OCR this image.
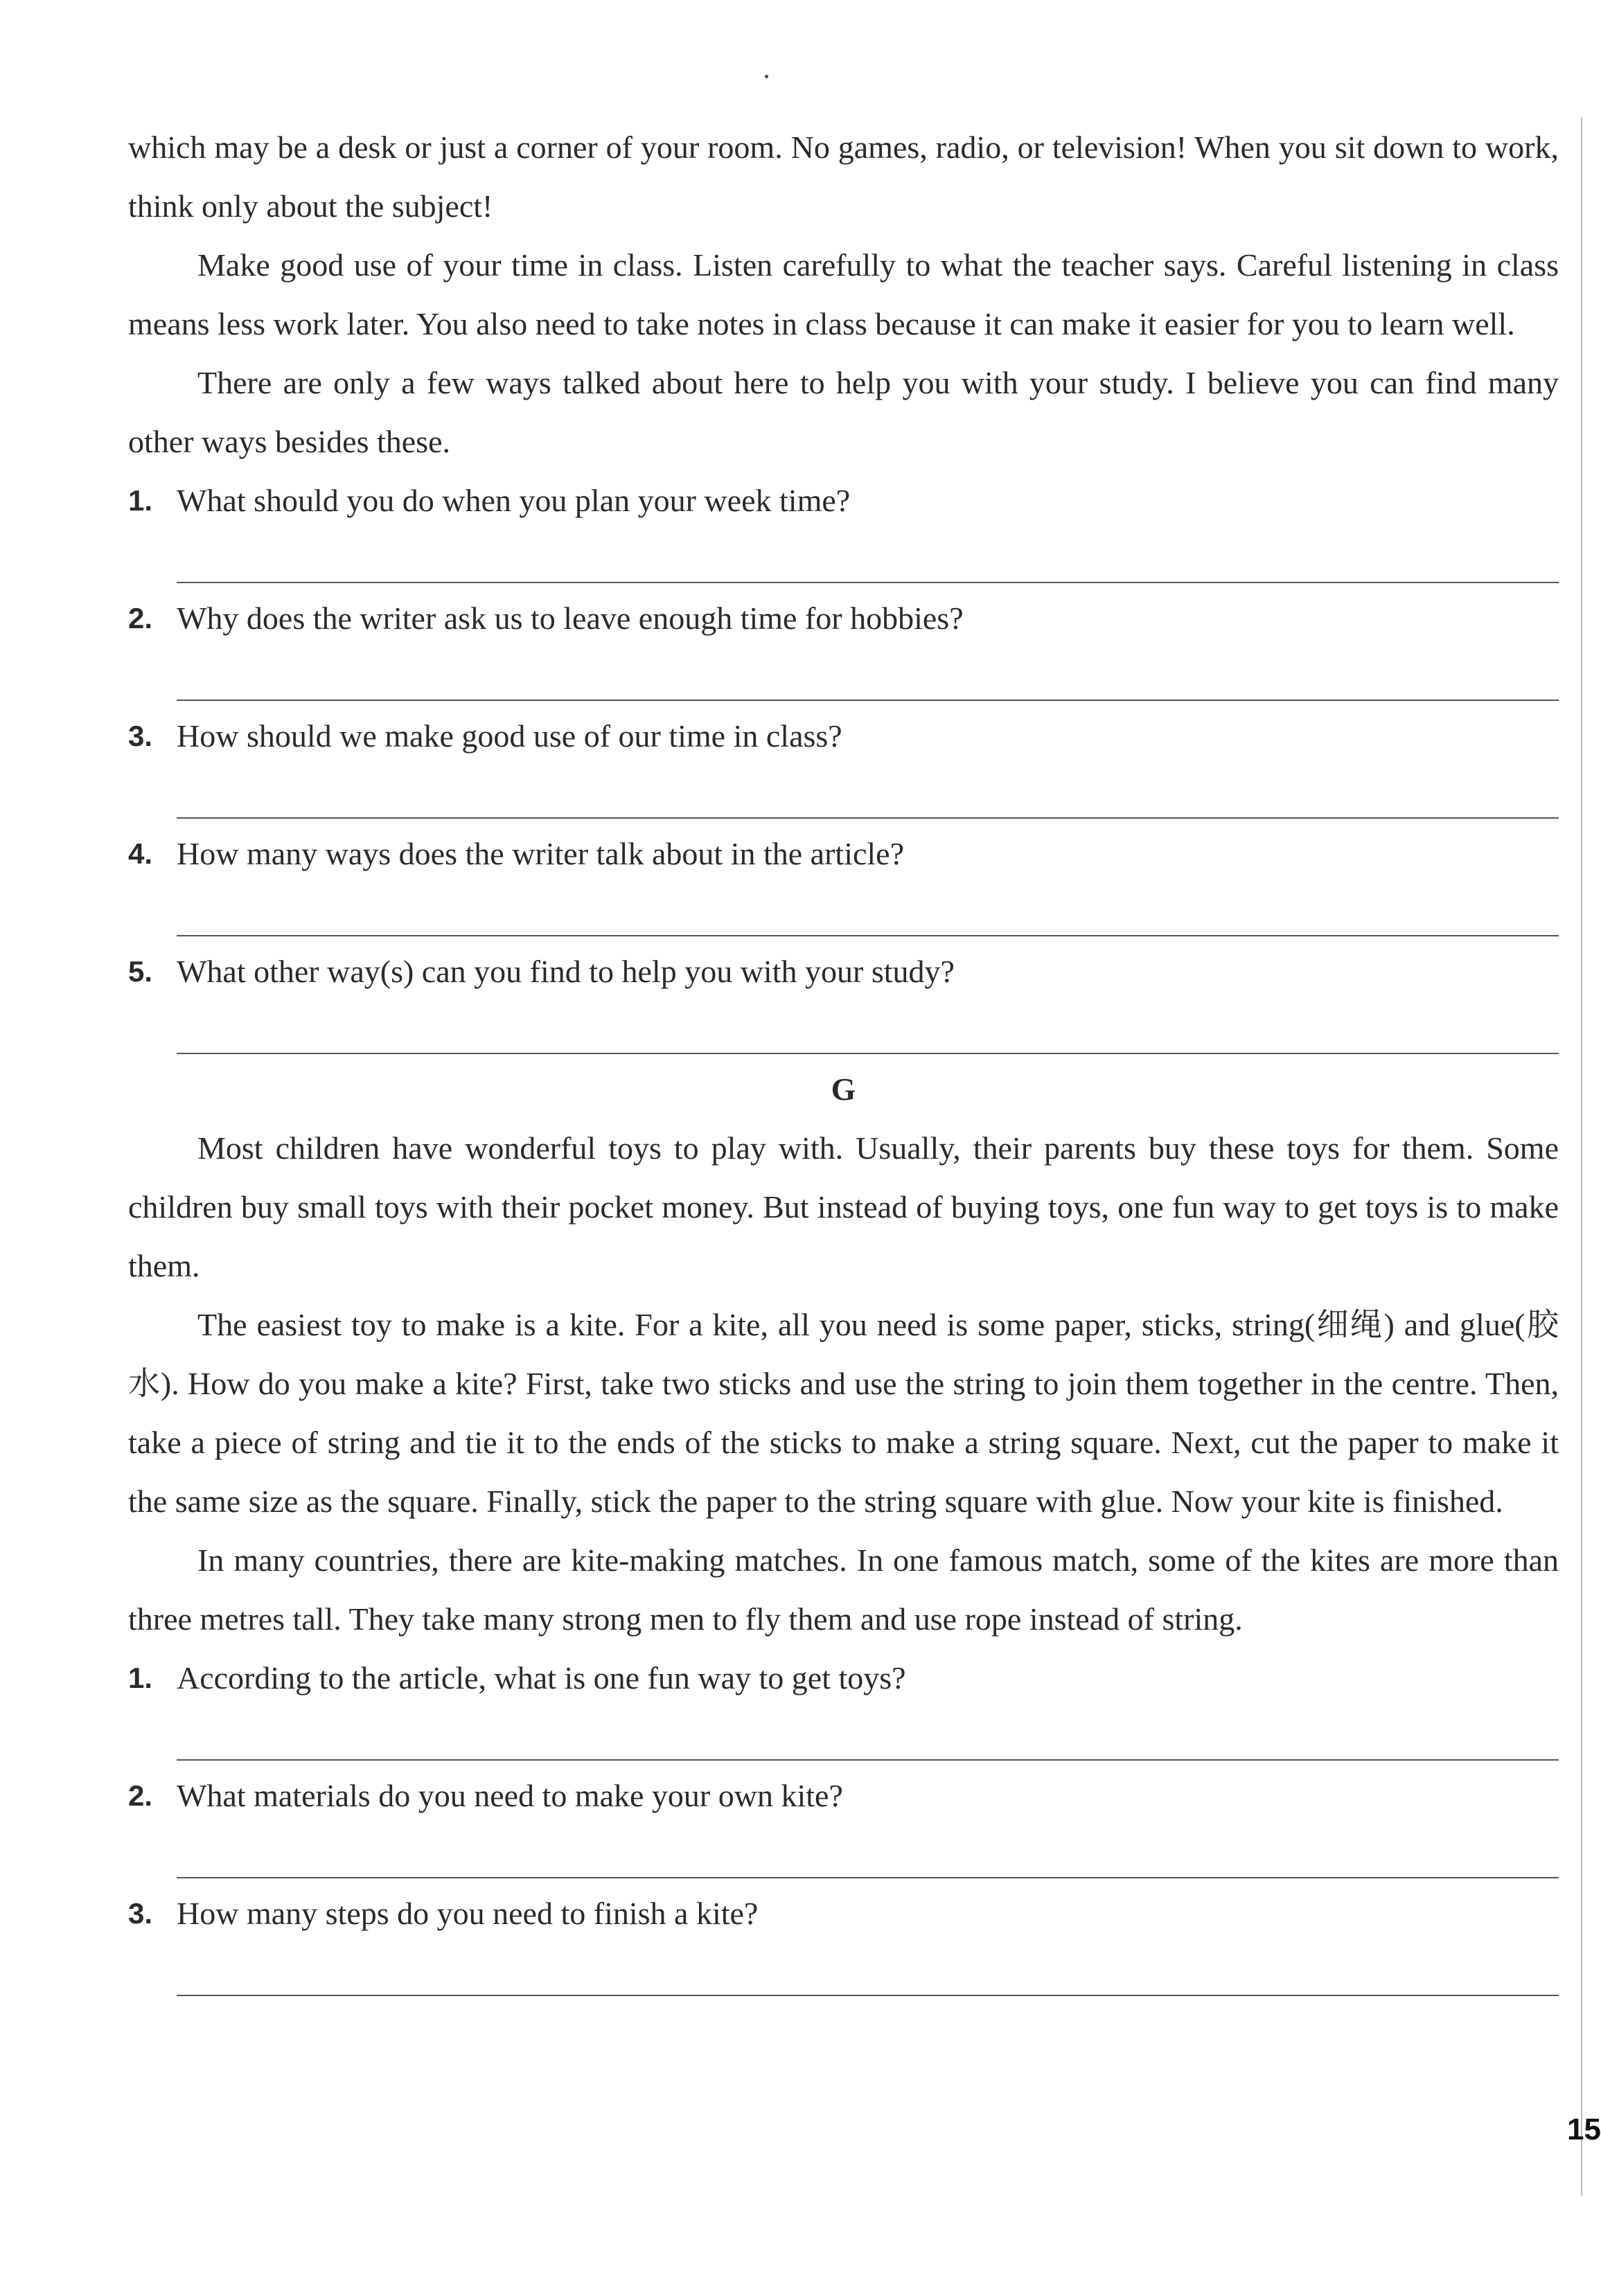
which may be a desk or just a corner of your room. No games, radio, or television! When you sit down to work, think only about the subject!

Make good use of your time in class. Listen carefully to what the teacher says. Careful listening in class means less work later. You also need to take notes in class because it can make it easier for you to learn well.

There are only a few ways talked about here to help you with your study. I believe you can find many other ways besides these.

1. What should you do when you plan your week time?

2. Why does the writer ask us to leave enough time for hobbies?

3. How should we make good use of our time in class?

4. How many ways does the writer talk about in the article?

5. What other way(s) can you find to help you with your study?

G

Most children have wonderful toys to play with. Usually, their parents buy these toys for them. Some children buy small toys with their pocket money. But instead of buying toys, one fun way to get toys is to make them.

The easiest toy to make is a kite. For a kite, all you need is some paper, sticks, string(细绳) and glue(胶水). How do you make a kite? First, take two sticks and use the string to join them together in the centre. Then, take a piece of string and tie it to the ends of the sticks to make a string square. Next, cut the paper to make it the same size as the square. Finally, stick the paper to the string square with glue. Now your kite is finished.

In many countries, there are kite-making matches. In one famous match, some of the kites are more than three metres tall. They take many strong men to fly them and use rope instead of string.

1. According to the article, what is one fun way to get toys?

2. What materials do you need to make your own kite?

3. How many steps do you need to finish a kite?

15
